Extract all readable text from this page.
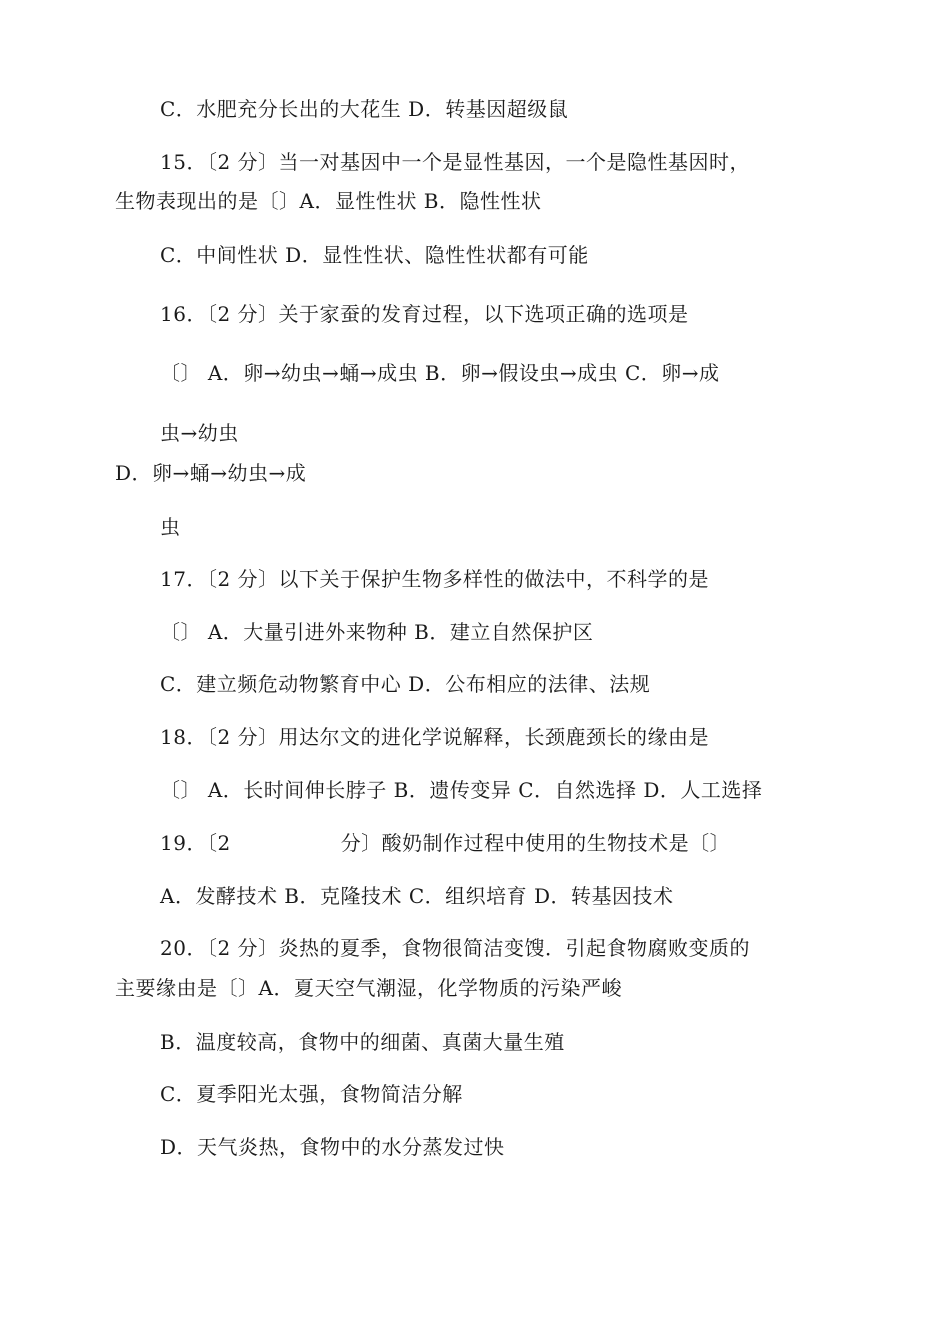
C．水肥充分长出的大花生 D．转基因超级鼠
15．〔2 分〕当一对基因中一个是显性基因，一个是隐性基因时，
生物表现出的是〔〕A．显性性状 B．隐性性状
C．中间性状 D．显性性状、隐性性状都有可能
16．〔2 分〕关于家蚕的发育过程，以下选项正确的选项是
〔〕 A．卵→幼虫→蛹→成虫 B．卵→假设虫→成虫 C．卵→成
虫→幼虫
D．卵→蛹→幼虫→成
虫
17．〔2 分〕以下关于保护生物多样性的做法中，不科学的是
〔〕 A．大量引进外来物种 B．建立自然保护区
C．建立频危动物繁育中心 D．公布相应的法律、法规
18．〔2 分〕用达尔文的进化学说解释，长颈鹿颈长的缘由是
〔〕 A．长时间伸长脖子 B．遗传变异 C．自然选择 D．人工选择
19．〔2	分〕酸奶制作过程中使用的生物技术是〔〕
A．发酵技术 B．克隆技术 C．组织培育 D．转基因技术
20．〔2 分〕炎热的夏季，食物很简洁变馊．引起食物腐败变质的
主要缘由是〔〕A．夏天空气潮湿，化学物质的污染严峻
B．温度较高，食物中的细菌、真菌大量生殖
C．夏季阳光太强，食物简洁分解
D．天气炎热，食物中的水分蒸发过快
